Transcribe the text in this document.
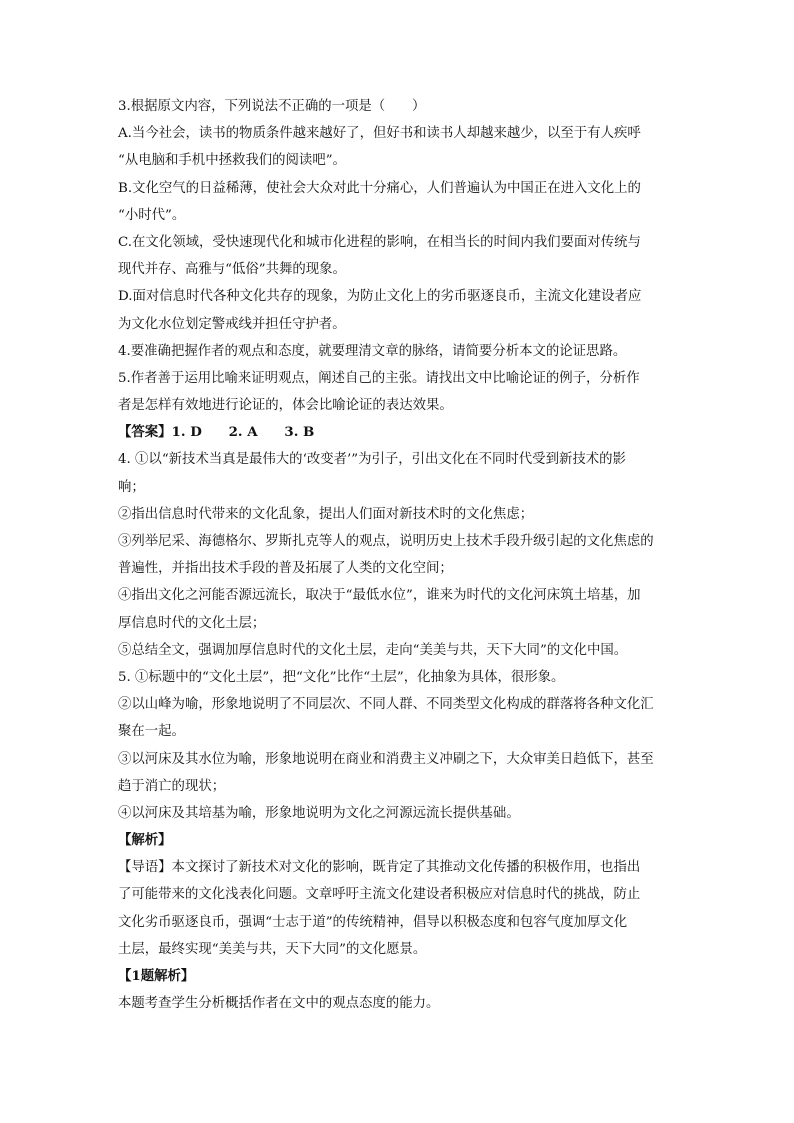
3.根据原文内容，下列说法不正确的一项是（　　）
A.当今社会，读书的物质条件越来越好了，但好书和读书人却越来越少，以至于有人疾呼
“从电脑和手机中拯救我们的阅读吧”。
B.文化空气的日益稀薄，使社会大众对此十分痛心，人们普遍认为中国正在进入文化上的
“小时代”。
C.在文化领域，受快速现代化和城市化进程的影响，在相当长的时间内我们要面对传统与
现代并存、高雅与“低俗”共舞的现象。
D.面对信息时代各种文化共存的现象，为防止文化上的劣币驱逐良币，主流文化建设者应
为文化水位划定警戒线并担任守护者。
4.要准确把握作者的观点和态度，就要理清文章的脉络，请简要分析本文的论证思路。
5.作者善于运用比喻来证明观点，阐述自己的主张。请找出文中比喻论证的例子，分析作
者是怎样有效地进行论证的，体会比喻论证的表达效果。
【答案】1. D　　2. A　　3. B
4. ①以“新技术当真是最伟大的‘改变者’”为引子，引出文化在不同时代受到新技术的影
响；
②指出信息时代带来的文化乱象，提出人们面对新技术时的文化焦虑；
③列举尼采、海德格尔、罗斯扎克等人的观点，说明历史上技术手段升级引起的文化焦虑的
普遍性，并指出技术手段的普及拓展了人类的文化空间；
④指出文化之河能否源远流长，取决于“最低水位”，谁来为时代的文化河床筑土培基，加
厚信息时代的文化土层；
⑤总结全文，强调加厚信息时代的文化土层，走向“美美与共，天下大同”的文化中国。
5. ①标题中的“文化土层”，把“文化”比作“土层”，化抽象为具体，很形象。
②以山峰为喻，形象地说明了不同层次、不同人群、不同类型文化构成的群落将各种文化汇
聚在一起。
③以河床及其水位为喻，形象地说明在商业和消费主义冲刷之下，大众审美日趋低下，甚至
趋于消亡的现状；
④以河床及其培基为喻，形象地说明为文化之河源远流长提供基础。
【解析】
【导语】本文探讨了新技术对文化的影响，既肯定了其推动文化传播的积极作用，也指出
了可能带来的文化浅表化问题。文章呼吁主流文化建设者积极应对信息时代的挑战，防止
文化劣币驱逐良币，强调“士志于道”的传统精神，倡导以积极态度和包容气度加厚文化
土层，最终实现“美美与共，天下大同”的文化愿景。
【1题解析】
本题考查学生分析概括作者在文中的观点态度的能力。
